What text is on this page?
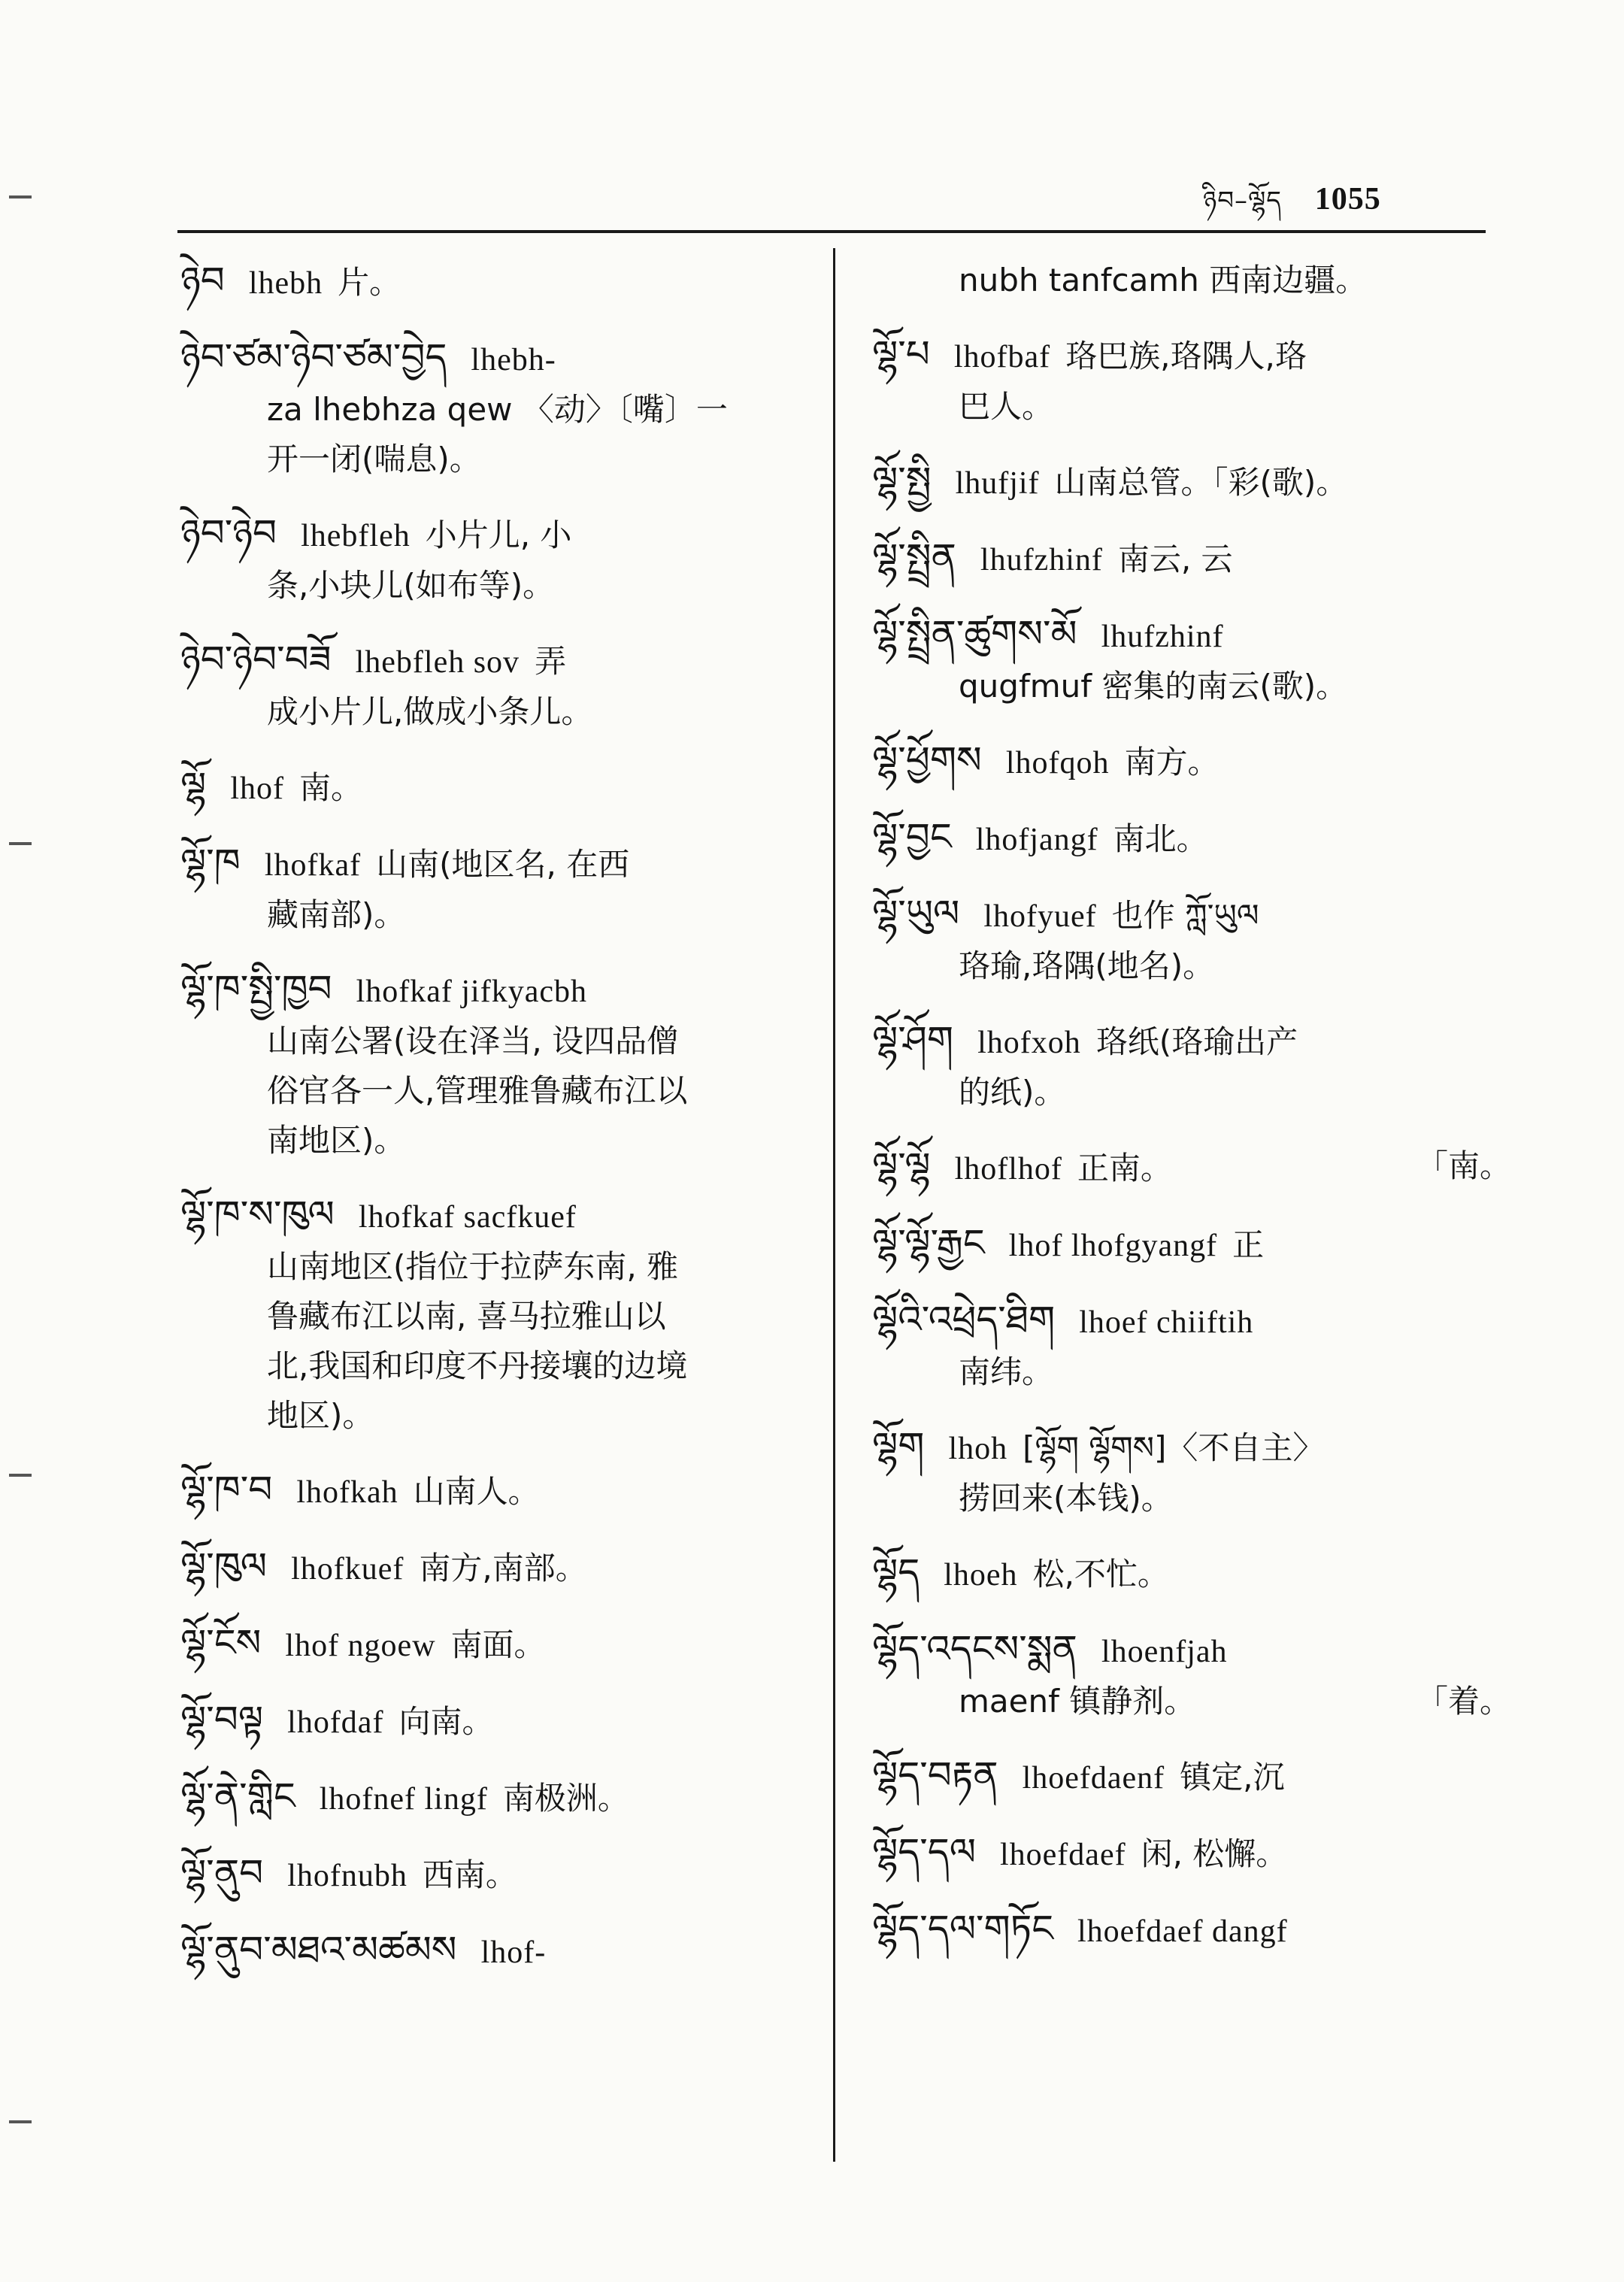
ཉིབ–ལྷོད 1055
ཉེབ lhebh 片。
ཉེབ་ཙམ་ཉེབ་ཙམ་བྱེད lhebh-
za lhebhza qew 〈动〉〔嘴〕一
开一闭(喘息)。
ཉེབ་ཉེབ lhebfleh 小片儿, 小
条,小块儿(如布等)。
ཉེབ་ཉེབ་བཟོ lhebfleh sov 弄
成小片儿,做成小条儿。
ལྷོ lhof 南。
ལྷོ་ཁ lhofkaf 山南(地区名, 在西
藏南部)。
ལྷོ་ཁ་སྤྱི་ཁྱབ lhofkaf jifkyacbh
山南公署(设在泽当, 设四品僧
俗官各一人,管理雅鲁藏布江以
南地区)。
ལྷོ་ཁ་ས་ཁུལ lhofkaf sacfkuef
山南地区(指位于拉萨东南, 雅
鲁藏布江以南, 喜马拉雅山以
北,我国和印度不丹接壤的边境
地区)。
ལྷོ་ཁ་བ lhofkah 山南人。
ལྷོ་ཁུལ lhofkuef 南方,南部。
ལྷོ་ངོས lhof ngoew 南面。
ལྷོ་བལྟ lhofdaf 向南。
ལྷོ་ནེ་གླིང lhofnef lingf 南极洲。
ལྷོ་ནུབ lhofnubh 西南。
ལྷོ་ནུབ་མཐའ་མཚམས lhof-
nubh tanfcamh 西南边疆。
ལྷོ་པ lhofbaf 珞巴族,珞隅人,珞
巴人。
ལྷོ་སྤྱི lhufjif 山南总管。「彩(歌)。
ལྷོ་སྤྲིན lhufzhinf 南云, 云
ལྷོ་སྤྲིན་ཚུགས་མོ lhufzhinf
qugfmuf 密集的南云(歌)。
ལྷོ་ཕྱོགས lhofqoh 南方。
ལྷོ་བྱང lhofjangf 南北。
ལྷོ་ཡུལ lhofyuef 也作 ཀློ་ཡུལ
珞瑜,珞隅(地名)。
ལྷོ་ཤོག lhofxoh 珞纸(珞瑜出产
的纸)。
ལྷོ་ལྷོ lhoflhof 正南。	「南。
ལྷོ་ལྷོ་རྒྱང lhof lhofgyangf 正
ལྷོའི་འཕྲེད་ཐིག lhoef chiiftih
南纬。
ལྷོག lhoh [ལྷོག ལྷོགས]〈不自主〉
捞回来(本钱)。
ལྷོད lhoeh 松,不忙。
ལྷོད་འདངས་སྨན lhoenfjah
maenf 镇静剂。	「着。
ལྷོད་བརྟན lhoefdaenf 镇定,沉
ལྷོད་དལ lhoefdaef 闲, 松懈。
ལྷོད་དལ་གཏོང lhoefdaef dangf
